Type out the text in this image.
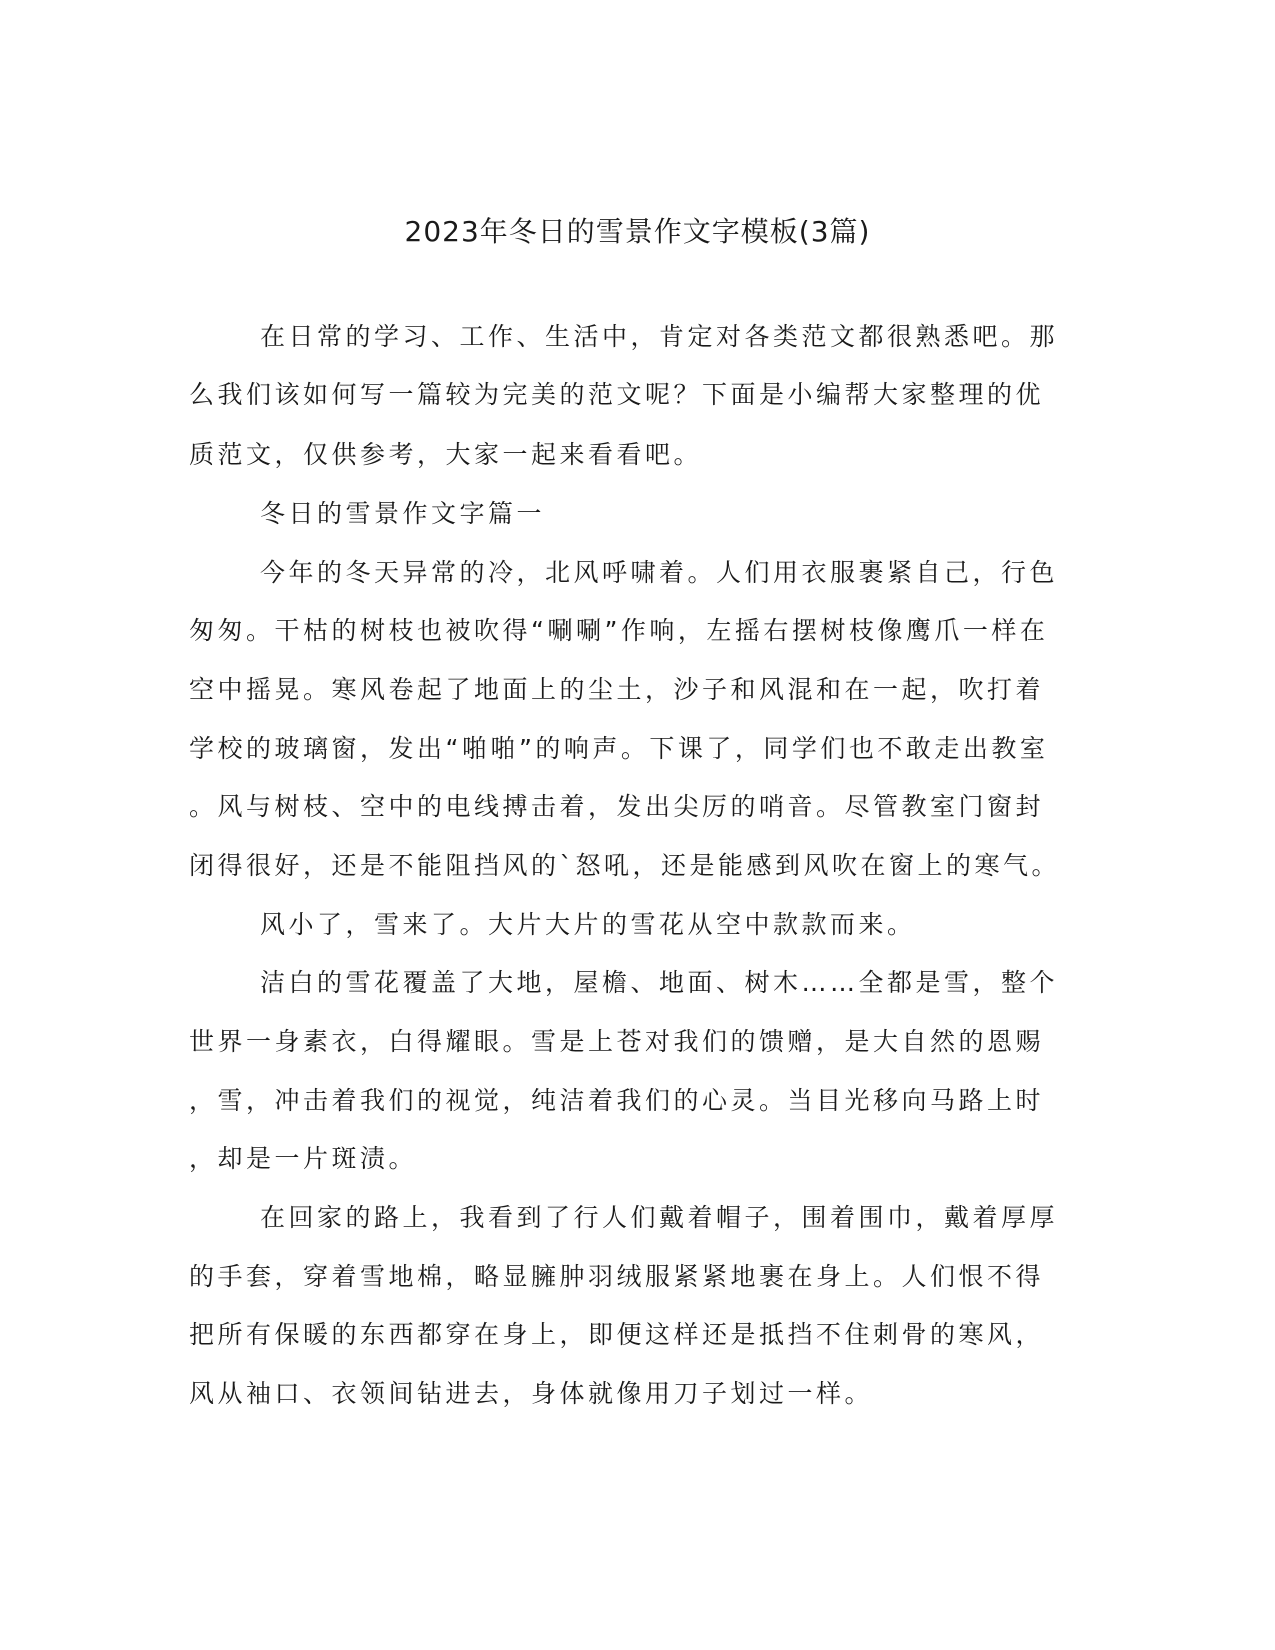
2023年冬日的雪景作文字模板(3篇)
在日常的学习、工作、生活中，肯定对各类范文都很熟悉吧。那
么我们该如何写一篇较为完美的范文呢？下面是小编帮大家整理的优
质范文，仅供参考，大家一起来看看吧。
冬日的雪景作文字篇一
今年的冬天异常的冷，北风呼啸着。人们用衣服裹紧自己，行色
匆匆。干枯的树枝也被吹得“唰唰”作响，左摇右摆树枝像鹰爪一样在
空中摇晃。寒风卷起了地面上的尘土，沙子和风混和在一起，吹打着
学校的玻璃窗，发出“啪啪”的响声。下课了，同学们也不敢走出教室
。风与树枝、空中的电线搏击着，发出尖厉的哨音。尽管教室门窗封
闭得很好，还是不能阻挡风的`怒吼，还是能感到风吹在窗上的寒气。
风小了，雪来了。大片大片的雪花从空中款款而来。
洁白的雪花覆盖了大地，屋檐、地面、树木……全都是雪，整个
世界一身素衣，白得耀眼。雪是上苍对我们的馈赠，是大自然的恩赐
，雪，冲击着我们的视觉，纯洁着我们的心灵。当目光移向马路上时
，却是一片斑渍。
在回家的路上，我看到了行人们戴着帽子，围着围巾，戴着厚厚
的手套，穿着雪地棉，略显臃肿羽绒服紧紧地裹在身上。人们恨不得
把所有保暖的东西都穿在身上，即便这样还是抵挡不住刺骨的寒风，
风从袖口、衣领间钻进去，身体就像用刀子划过一样。
